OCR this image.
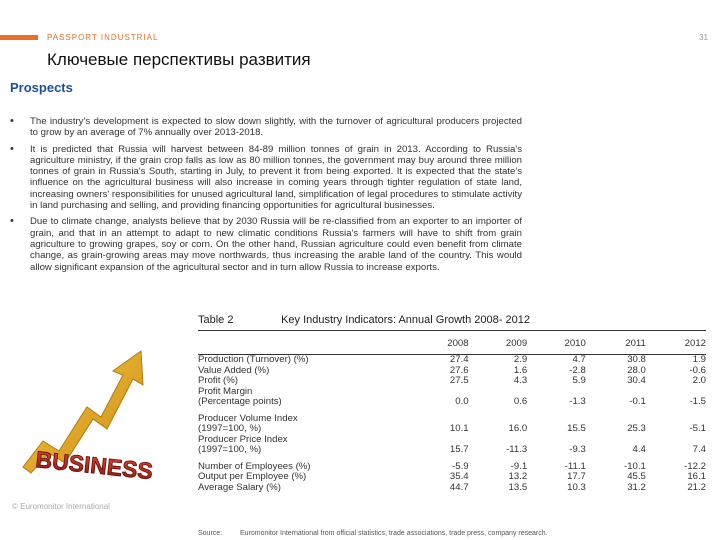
PASSPORT INDUSTRIAL	31
Ключевые перспективы развития
Prospects
• The industry's development is expected to slow down slightly, with the turnover of agricultural producers projected to grow by an average of 7% annually over 2013-2018.
• It is predicted that Russia will harvest between 84-89 million tonnes of grain in 2013. According to Russia's agriculture ministry, if the grain crop falls as low as 80 million tonnes, the government may buy around three million tonnes of grain in Russia's South, starting in July, to prevent it from being exported. It is expected that the state's influence on the agricultural business will also increase in coming years through tighter regulation of state land, increasing owners' responsibilities for unused agricultural land, simplification of legal procedures to stimulate activity in land purchasing and selling, and providing financing opportunities for agricultural businesses.
• Due to climate change, analysts believe that by 2030 Russia will be re-classified from an exporter to an importer of grain, and that in an attempt to adapt to new climatic conditions Russia's farmers will have to shift from grain agriculture to growing grapes, soy or corn. On the other hand, Russian agriculture could even benefit from climate change, as grain-growing areas may move northwards, thus increasing the arable land of the country. This would allow significant expansion of the agricultural sector and in turn allow Russia to increase exports.
BUSINESS
© Euromonitor International
Table 2	Key Industry Indicators: Annual Growth 2008- 2012
	2008	2009	2010	2011	2012
Production (Turnover) (%)	27.4	2.9	4.7	30.8	1.9
Value Added (%)	27.6	1.6	-2.8	28.0	-0.6
Profit (%)	27.5	4.3	5.9	30.4	2.0
Profit Margin					
(Percentage points)	0.0	0.6	-1.3	-0.1	-1.5

Producer Volume Index					
(1997=100, %)	10.1	16.0	15.5	25.3	-5.1
Producer Price Index					
(1997=100, %)	15.7	-11.3	-9.3	4.4	7.4

Number of Employees (%)	-5.9	-9.1	-11.1	-10.1	-12.2
Output per Employee (%)	35.4	13.2	17.7	45.5	16.1
Average Salary (%)	44.7	13.5	10.3	31.2	21.2
Source:	Euromonitor International from official statistics, trade associations, trade press, company research.
